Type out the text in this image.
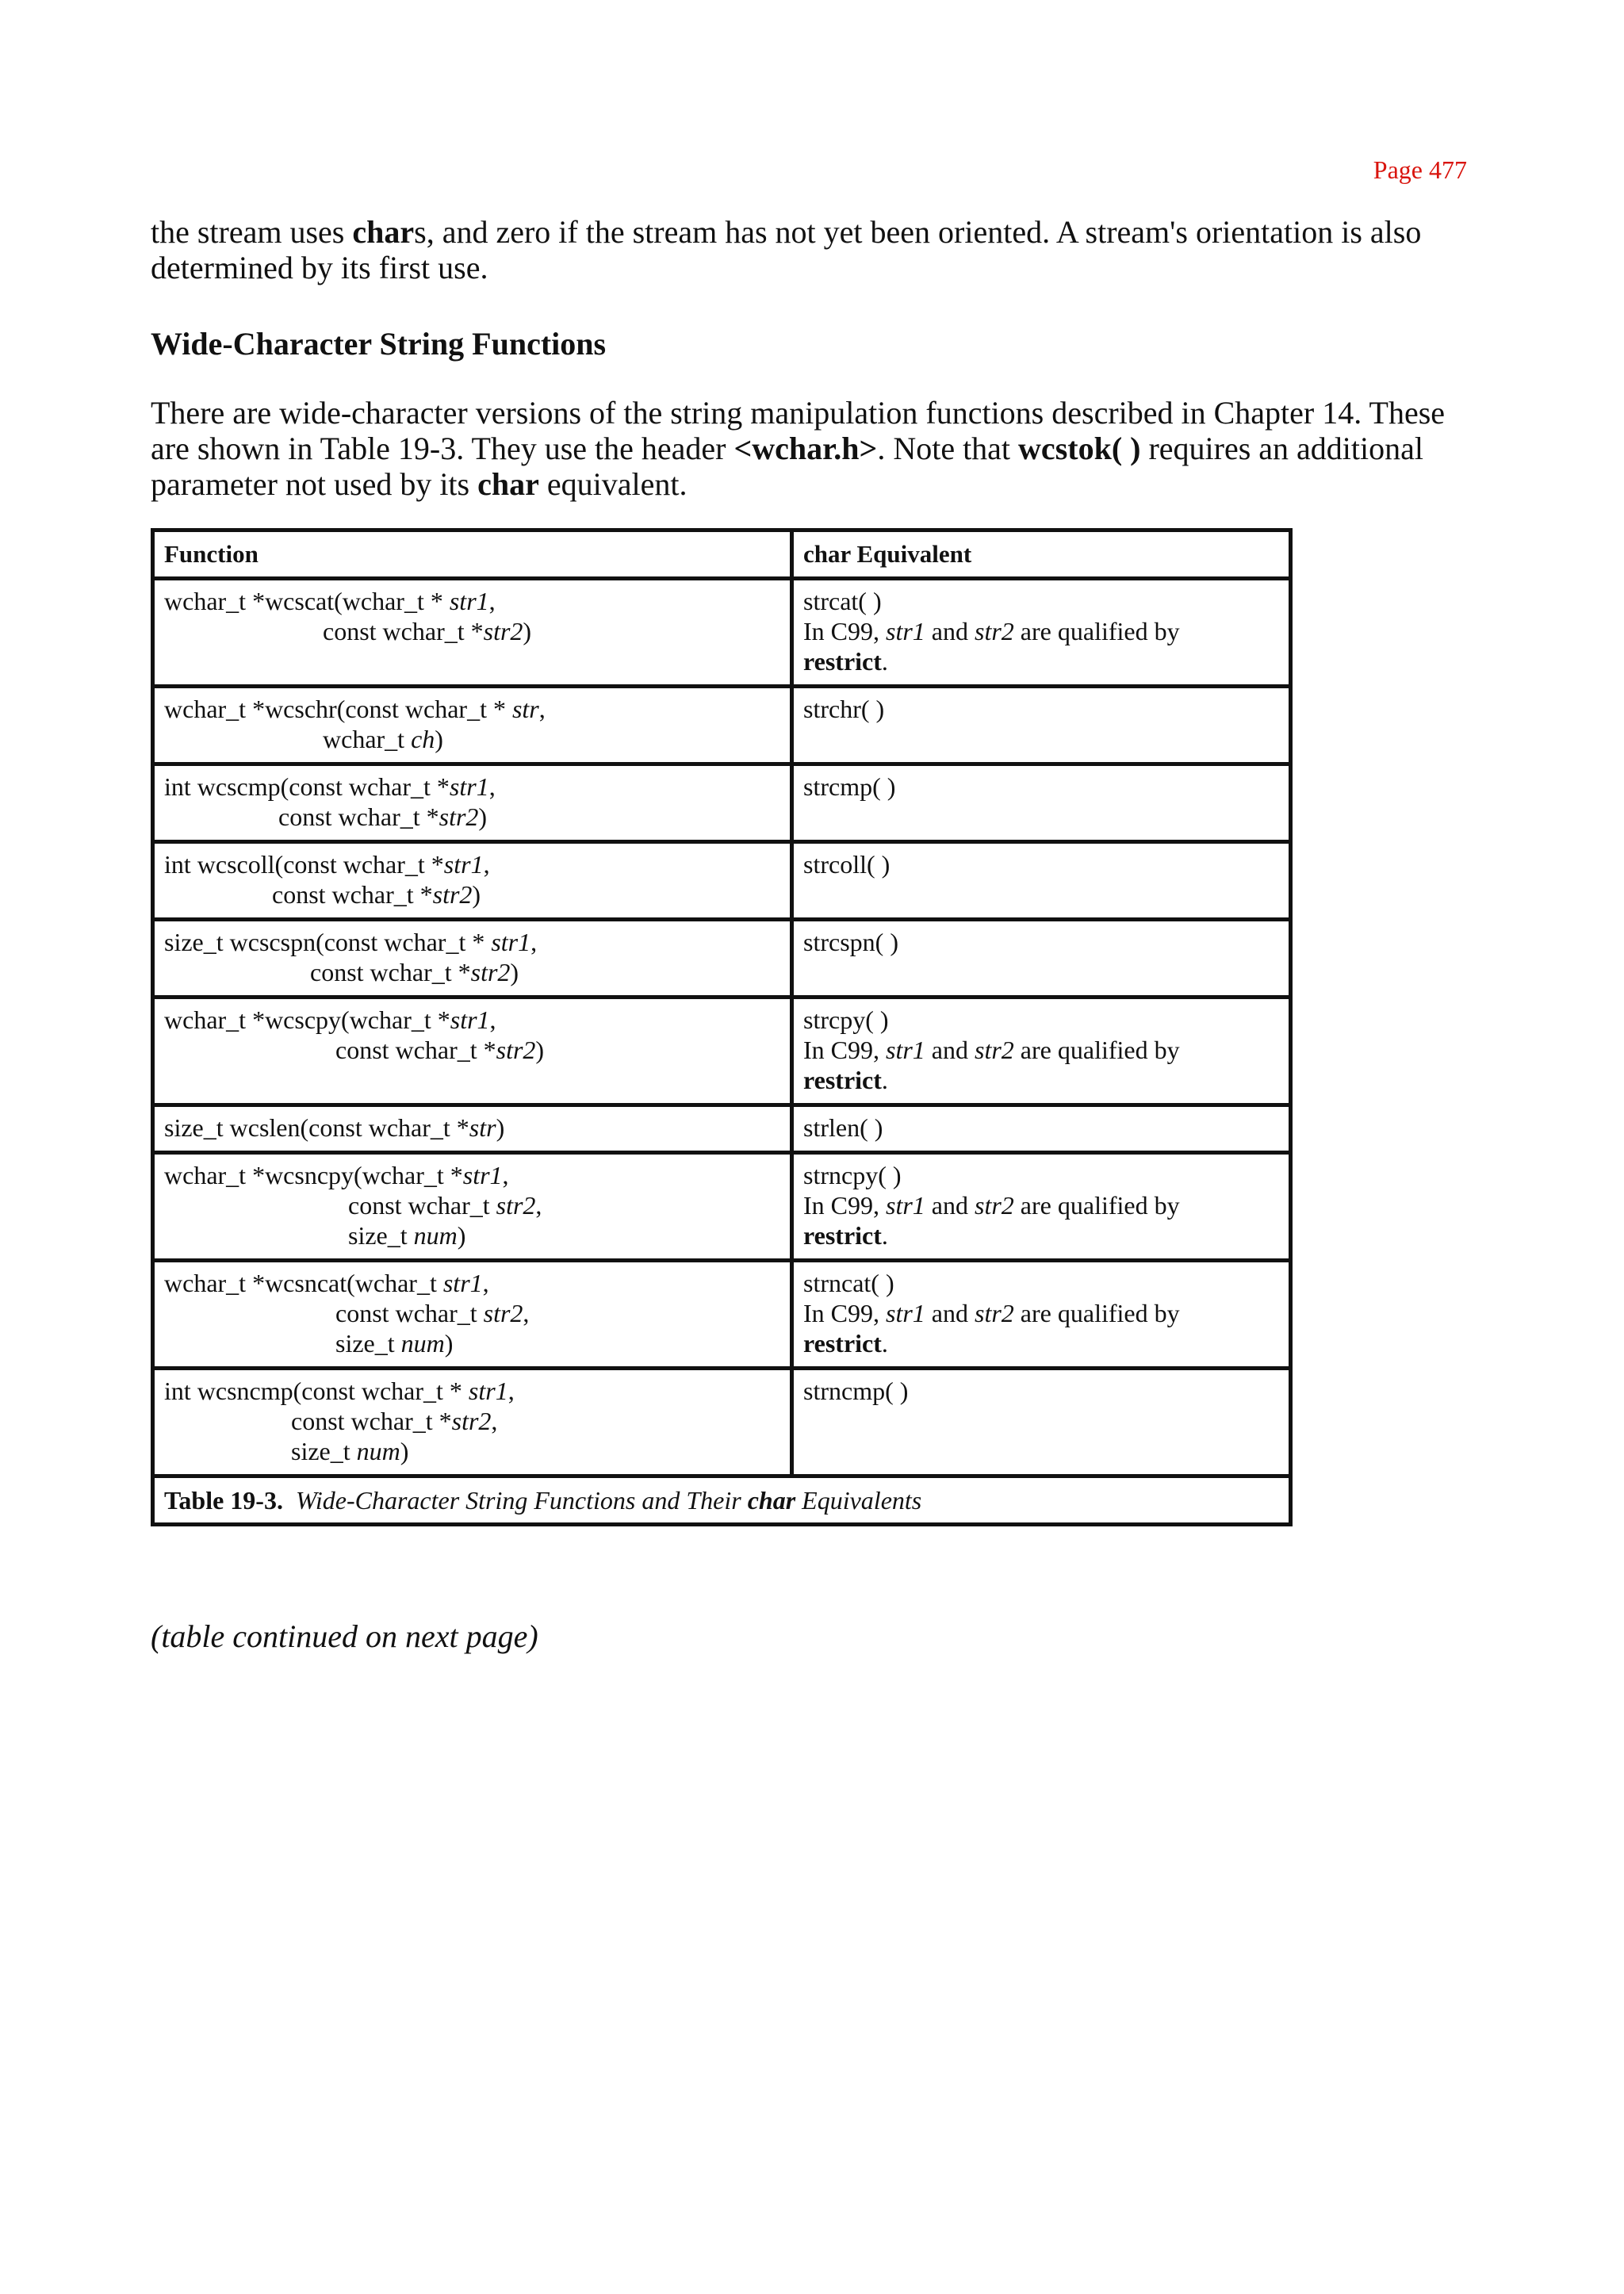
Page 477

the stream uses chars, and zero if the stream has not yet been oriented. A stream's orientation is also determined by its first use.

Wide-Character String Functions

There are wide-character versions of the string manipulation functions described in Chapter 14. These are shown in Table 19-3. They use the header <wchar.h>. Note that wcstok( ) requires an additional parameter not used by its char equivalent.

Function	char Equivalent

wchar_t *wcscat(wchar_t * str1,
const wchar_t *str2)	strcat( )
In C99, str1 and str2 are qualified by
restrict.

wchar_t *wcschr(const wchar_t * str,
wchar_t ch)	strchr( )

int wcscmp(const wchar_t *str1,
const wchar_t *str2)	strcmp( )

int wcscoll(const wchar_t *str1,
const wchar_t *str2)	strcoll( )

size_t wcscspn(const wchar_t * str1,
const wchar_t *str2)	strcspn( )

wchar_t *wcscpy(wchar_t *str1,
const wchar_t *str2)	strcpy( )
In C99, str1 and str2 are qualified by
restrict.

size_t wcslen(const wchar_t *str)	strlen( )

wchar_t *wcsncpy(wchar_t *str1,
const wchar_t str2,
size_t num)	strncpy( )
In C99, str1 and str2 are qualified by
restrict.

wchar_t *wcsncat(wchar_t str1,
const wchar_t str2,
size_t num)	strncat( )
In C99, str1 and str2 are qualified by
restrict.

int wcsncmp(const wchar_t * str1,
const wchar_t *str2,
size_t num)	strncmp( )

Table 19-3. Wide-Character String Functions and Their char Equivalents	

(table continued on next page)
